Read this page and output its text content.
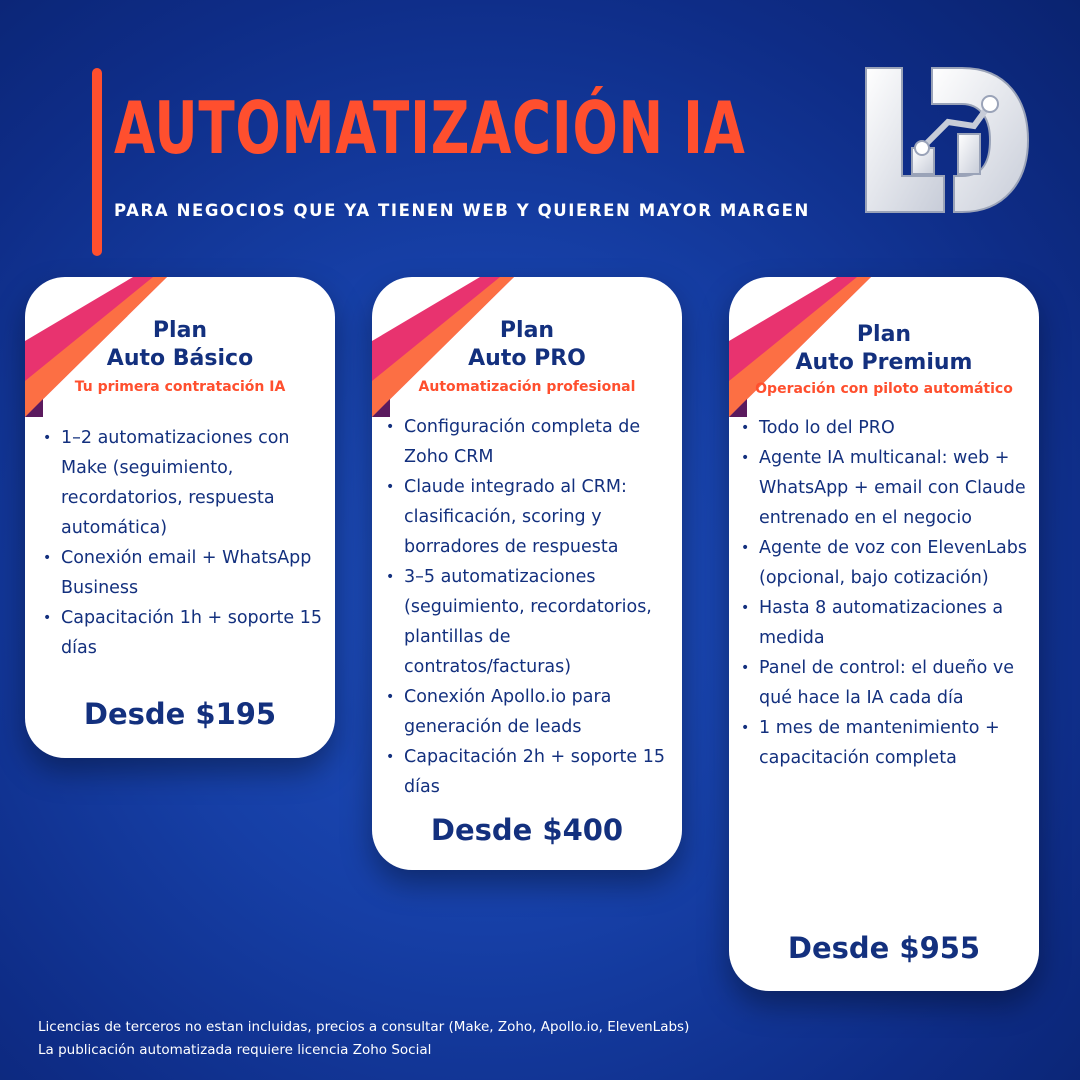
AUTOMATIZACIÓN IA
PARA NEGOCIOS QUE YA TIENEN WEB Y QUIEREN MAYOR MARGEN
Plan
Auto Básico
Tu primera contratación IA
• 1–2 automatizaciones con Make (seguimiento, recordatorios, respuesta automática)
• Conexión email + WhatsApp Business
• Capacitación 1h + soporte 15 días
Desde $195
Plan
Auto PRO
Automatización profesional
• Configuración completa de Zoho CRM
• Claude integrado al CRM: clasificación, scoring y borradores de respuesta
• 3–5 automatizaciones (seguimiento, recordatorios, plantillas de contratos/facturas)
• Conexión Apollo.io para generación de leads
• Capacitación 2h + soporte 15 días
Desde $400
Plan
Auto Premium
Operación con piloto automático
• Todo lo del PRO
• Agente IA multicanal: web + WhatsApp + email con Claude entrenado en el negocio
• Agente de voz con ElevenLabs (opcional, bajo cotización)
• Hasta 8 automatizaciones a medida
• Panel de control: el dueño ve qué hace la IA cada día
• 1 mes de mantenimiento + capacitación completa
Desde $955
Licencias de terceros no estan incluidas, precios a consultar (Make, Zoho, Apollo.io, ElevenLabs)
La publicación automatizada requiere licencia Zoho Social
